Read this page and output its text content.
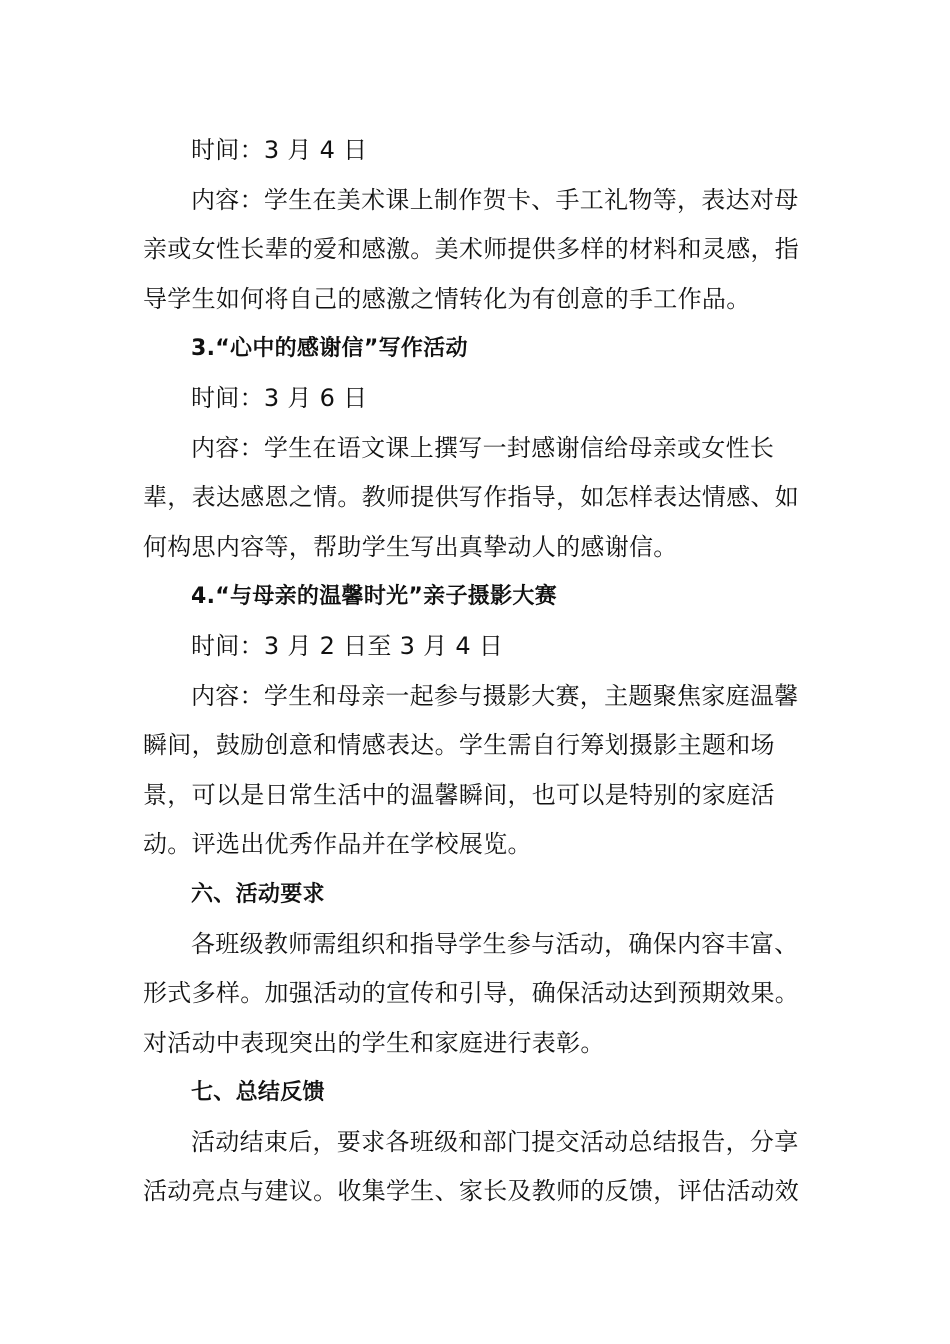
时间：3 月 4 日
内容：学生在美术课上制作贺卡、手工礼物等，表达对母
亲或女性长辈的爱和感激。美术师提供多样的材料和灵感，指
导学生如何将自己的感激之情转化为有创意的手工作品。
3.“心中的感谢信”写作活动
时间：3 月 6 日
内容：学生在语文课上撰写一封感谢信给母亲或女性长
辈，表达感恩之情。教师提供写作指导，如怎样表达情感、如
何构思内容等，帮助学生写出真挚动人的感谢信。
4.“与母亲的温馨时光”亲子摄影大赛
时间：3 月 2 日至 3 月 4 日
内容：学生和母亲一起参与摄影大赛，主题聚焦家庭温馨
瞬间，鼓励创意和情感表达。学生需自行筹划摄影主题和场
景，可以是日常生活中的温馨瞬间，也可以是特别的家庭活
动。评选出优秀作品并在学校展览。
六、活动要求
各班级教师需组织和指导学生参与活动，确保内容丰富、
形式多样。加强活动的宣传和引导，确保活动达到预期效果。
对活动中表现突出的学生和家庭进行表彰。
七、总结反馈
活动结束后，要求各班级和部门提交活动总结报告，分享
活动亮点与建议。收集学生、家长及教师的反馈，评估活动效
